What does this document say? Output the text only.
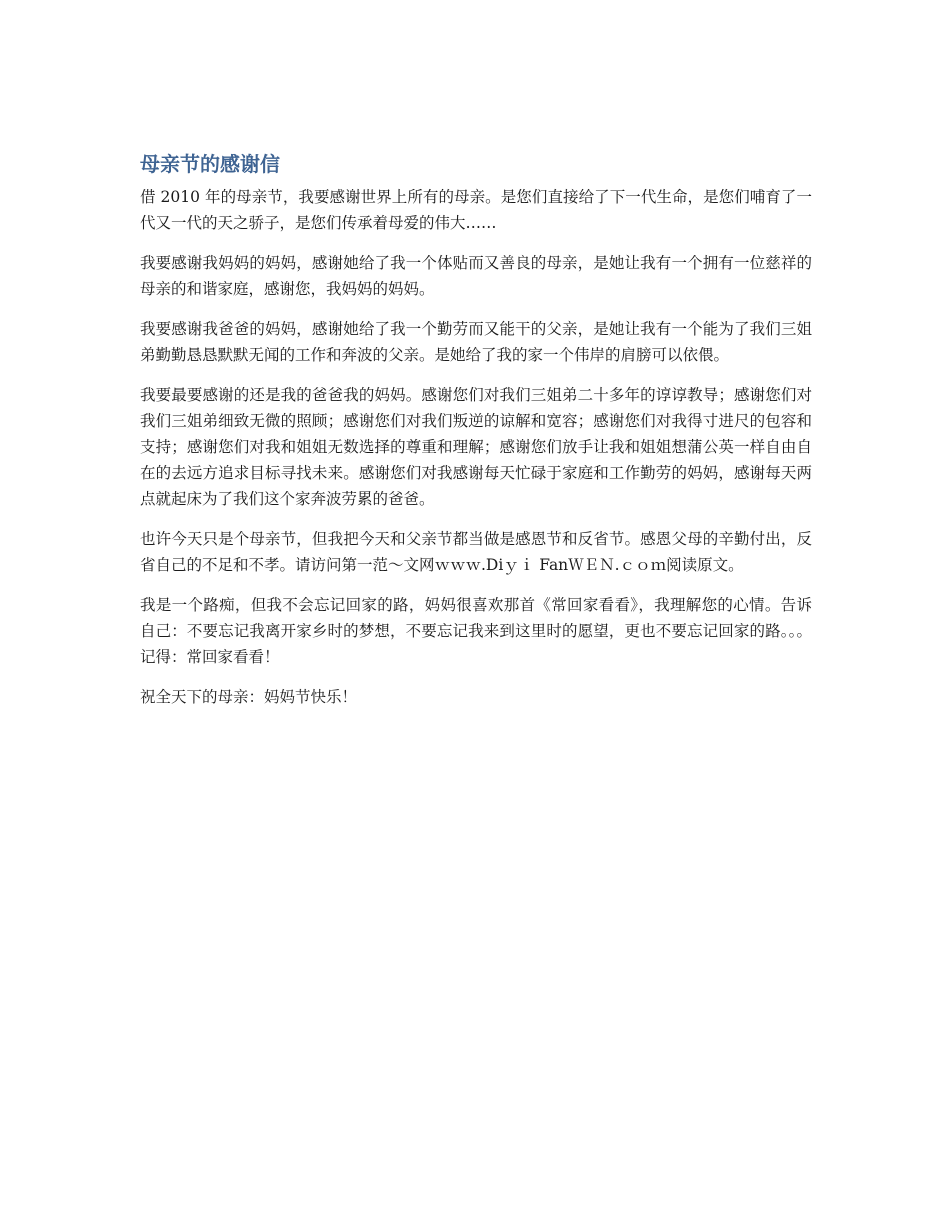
母亲节的感谢信

借 2010 年的母亲节，我要感谢世界上所有的母亲。是您们直接给了下一代生命，是您们哺育了一代又一代的天之骄子，是您们传承着母爱的伟大……

我要感谢我妈妈的妈妈，感谢她给了我一个体贴而又善良的母亲，是她让我有一个拥有一位慈祥的母亲的和谐家庭，感谢您，我妈妈的妈妈。

我要感谢我爸爸的妈妈，感谢她给了我一个勤劳而又能干的父亲，是她让我有一个能为了我们三姐弟勤勤恳恳默默无闻的工作和奔波的父亲。是她给了我的家一个伟岸的肩膀可以依偎。

我要最要感谢的还是我的爸爸我的妈妈。感谢您们对我们三姐弟二十多年的谆谆教导；感谢您们对我们三姐弟细致无微的照顾；感谢您们对我们叛逆的谅解和宽容；感谢您们对我得寸进尺的包容和支持；感谢您们对我和姐姐无数选择的尊重和理解；感谢您们放手让我和姐姐想蒲公英一样自由自在的去远方追求目标寻找未来。感谢您们对我感谢每天忙碌于家庭和工作勤劳的妈妈，感谢每天两点就起床为了我们这个家奔波劳累的爸爸。

也许今天只是个母亲节，但我把今天和父亲节都当做是感恩节和反省节。感恩父母的辛勤付出，反省自己的不足和不孝。请访问第一范～文网ｗｗｗ.Diｙｉ FanＷＥＮ.ｃｏｍ阅读原文。

我是一个路痴，但我不会忘记回家的路，妈妈很喜欢那首《常回家看看》，我理解您的心情。告诉自己：不要忘记我离开家乡时的梦想，不要忘记我来到这里时的愿望，更也不要忘记回家的路。。。记得：常回家看看！

祝全天下的母亲：妈妈节快乐！
